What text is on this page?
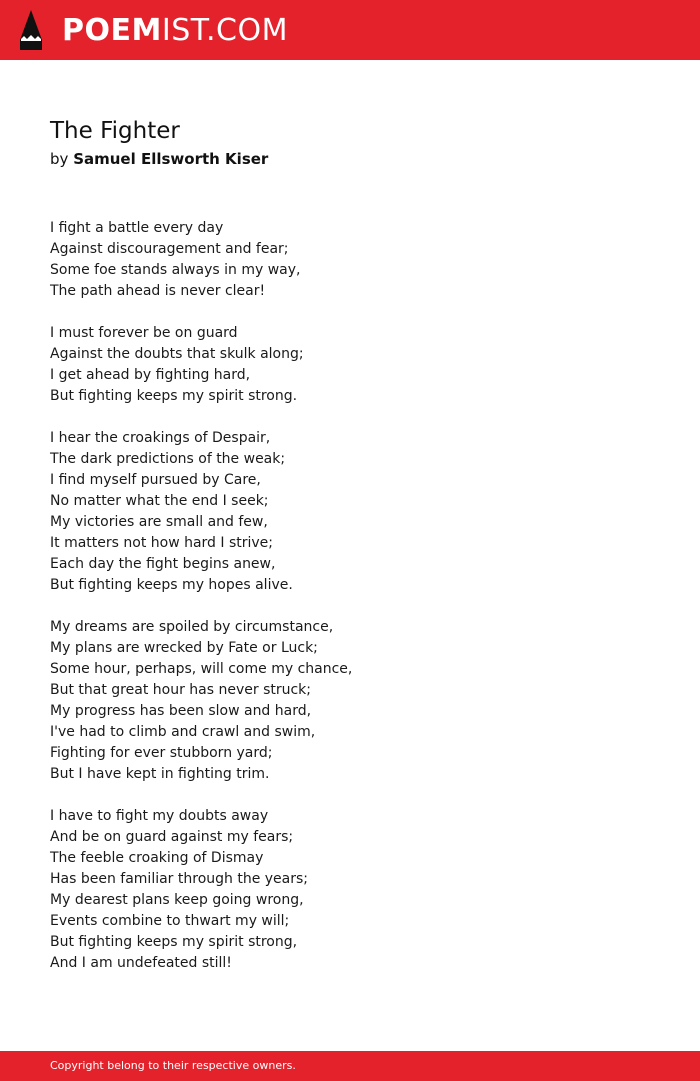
POEM IST.COM
The Fighter
by Samuel Ellsworth Kiser
I fight a battle every day
Against discouragement and fear;
Some foe stands always in my way,
The path ahead is never clear!
I must forever be on guard
Against the doubts that skulk along;
I get ahead by fighting hard,
But fighting keeps my spirit strong.
I hear the croakings of Despair,
The dark predictions of the weak;
I find myself pursued by Care,
No matter what the end I seek;
My victories are small and few,
It matters not how hard I strive;
Each day the fight begins anew,
But fighting keeps my hopes alive.
My dreams are spoiled by circumstance,
My plans are wrecked by Fate or Luck;
Some hour, perhaps, will come my chance,
But that great hour has never struck;
My progress has been slow and hard,
I've had to climb and crawl and swim,
Fighting for ever stubborn yard;
But I have kept in fighting trim.
I have to fight my doubts away
And be on guard against my fears;
The feeble croaking of Dismay
Has been familiar through the years;
My dearest plans keep going wrong,
Events combine to thwart my will;
But fighting keeps my spirit strong,
And I am undefeated still!
Copyright belong to their respective owners.
